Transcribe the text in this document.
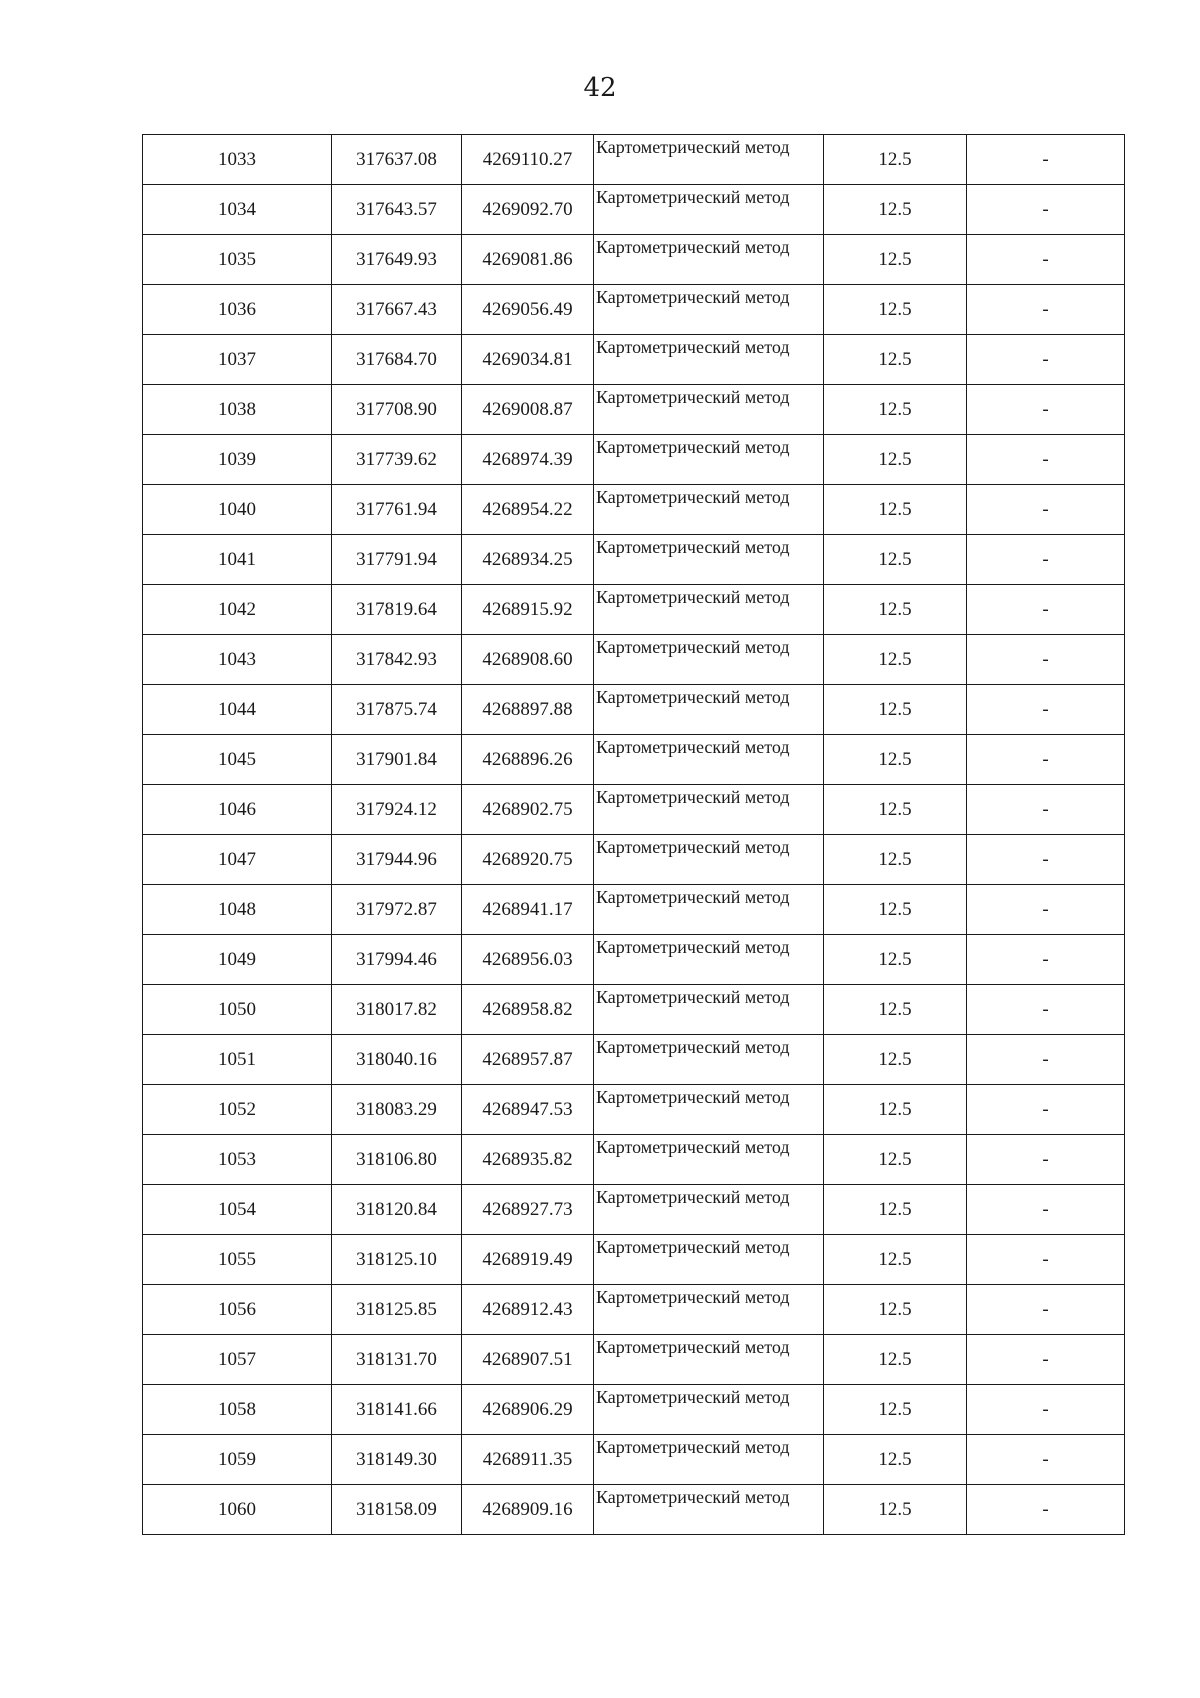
42
1033	317637.08	4269110.27	Картометрический метод	12.5	-
1034	317643.57	4269092.70	Картометрический метод	12.5	-
1035	317649.93	4269081.86	Картометрический метод	12.5	-
1036	317667.43	4269056.49	Картометрический метод	12.5	-
1037	317684.70	4269034.81	Картометрический метод	12.5	-
1038	317708.90	4269008.87	Картометрический метод	12.5	-
1039	317739.62	4268974.39	Картометрический метод	12.5	-
1040	317761.94	4268954.22	Картометрический метод	12.5	-
1041	317791.94	4268934.25	Картометрический метод	12.5	-
1042	317819.64	4268915.92	Картометрический метод	12.5	-
1043	317842.93	4268908.60	Картометрический метод	12.5	-
1044	317875.74	4268897.88	Картометрический метод	12.5	-
1045	317901.84	4268896.26	Картометрический метод	12.5	-
1046	317924.12	4268902.75	Картометрический метод	12.5	-
1047	317944.96	4268920.75	Картометрический метод	12.5	-
1048	317972.87	4268941.17	Картометрический метод	12.5	-
1049	317994.46	4268956.03	Картометрический метод	12.5	-
1050	318017.82	4268958.82	Картометрический метод	12.5	-
1051	318040.16	4268957.87	Картометрический метод	12.5	-
1052	318083.29	4268947.53	Картометрический метод	12.5	-
1053	318106.80	4268935.82	Картометрический метод	12.5	-
1054	318120.84	4268927.73	Картометрический метод	12.5	-
1055	318125.10	4268919.49	Картометрический метод	12.5	-
1056	318125.85	4268912.43	Картометрический метод	12.5	-
1057	318131.70	4268907.51	Картометрический метод	12.5	-
1058	318141.66	4268906.29	Картометрический метод	12.5	-
1059	318149.30	4268911.35	Картометрический метод	12.5	-
1060	318158.09	4268909.16	Картометрический метод	12.5	-
